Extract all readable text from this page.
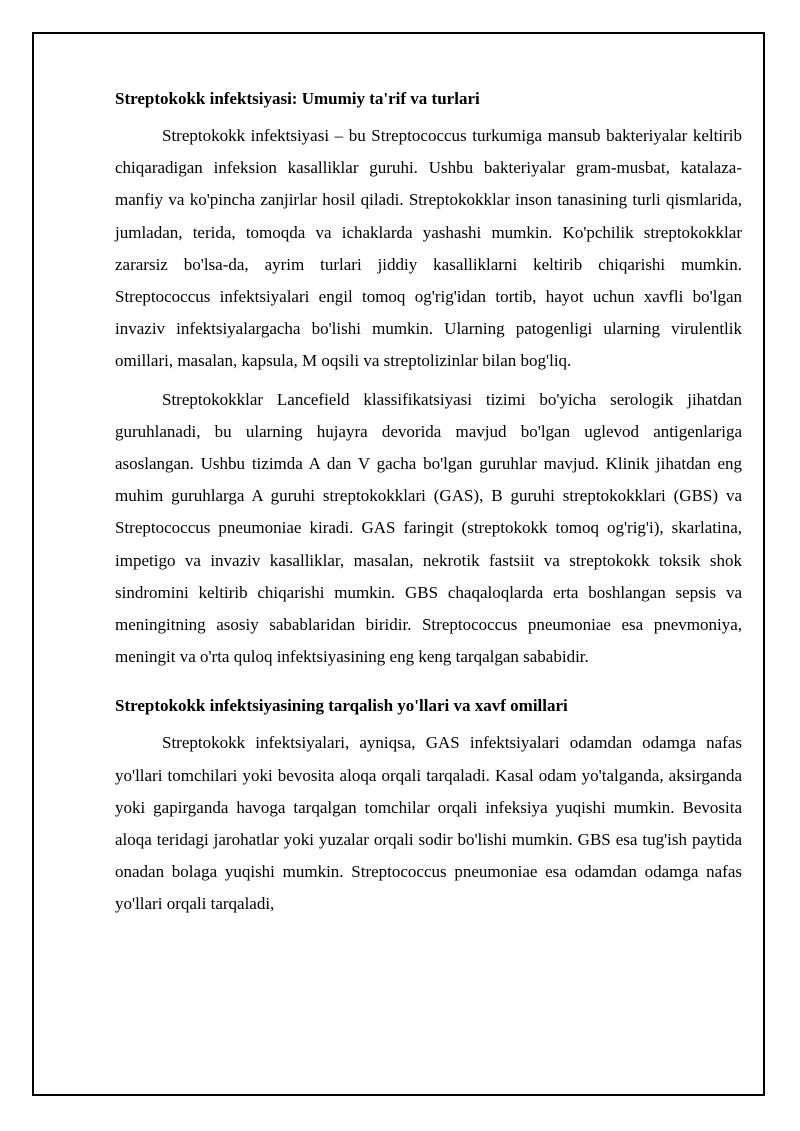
Streptokokk infektsiyasi: Umumiy ta'rif va turlari

Streptokokk infektsiyasi – bu Streptococcus turkumiga mansub bakteriyalar keltirib chiqaradigan infeksion kasalliklar guruhi. Ushbu bakteriyalar gram-musbat, katalaza-manfiy va ko'pincha zanjirlar hosil qiladi. Streptokokklar inson tanasining turli qismlarida, jumladan, terida, tomoqda va ichaklarda yashashi mumkin. Ko'pchilik streptokokklar zararsiz bo'lsa-da, ayrim turlari jiddiy kasalliklarni keltirib chiqarishi mumkin. Streptococcus infektsiyalari engil tomoq og'rig'idan tortib, hayot uchun xavfli bo'lgan invaziv infektsiyalargacha bo'lishi mumkin. Ularning patogenligi ularning virulentlik omillari, masalan, kapsula, M oqsili va streptolizinlar bilan bog'liq.

Streptokokklar Lancefield klassifikatsiyasi tizimi bo'yicha serologik jihatdan guruhlanadi, bu ularning hujayra devorida mavjud bo'lgan uglevod antigenlariga asoslangan. Ushbu tizimda A dan V gacha bo'lgan guruhlar mavjud. Klinik jihatdan eng muhim guruhlarga A guruhi streptokokklari (GAS), B guruhi streptokokklari (GBS) va Streptococcus pneumoniae kiradi. GAS faringit (streptokokk tomoq og'rig'i), skarlatina, impetigo va invaziv kasalliklar, masalan, nekrotik fastsiit va streptokokk toksik shok sindromini keltirib chiqarishi mumkin. GBS chaqaloqlarda erta boshlangan sepsis va meningitning asosiy sabablaridan biridir. Streptococcus pneumoniae esa pnevmoniya, meningit va o'rta quloq infektsiyasining eng keng tarqalgan sababidir.

Streptokokk infektsiyasining tarqalish yo'llari va xavf omillari

Streptokokk infektsiyalari, ayniqsa, GAS infektsiyalari odamdan odamga nafas yo'llari tomchilari yoki bevosita aloqa orqali tarqaladi. Kasal odam yo'talganda, aksirganda yoki gapirganda havoga tarqalgan tomchilar orqali infeksiya yuqishi mumkin. Bevosita aloqa teridagi jarohatlar yoki yuzalar orqali sodir bo'lishi mumkin. GBS esa tug'ish paytida onadan bolaga yuqishi mumkin. Streptococcus pneumoniae esa odamdan odamga nafas yo'llari orqali tarqaladi,
